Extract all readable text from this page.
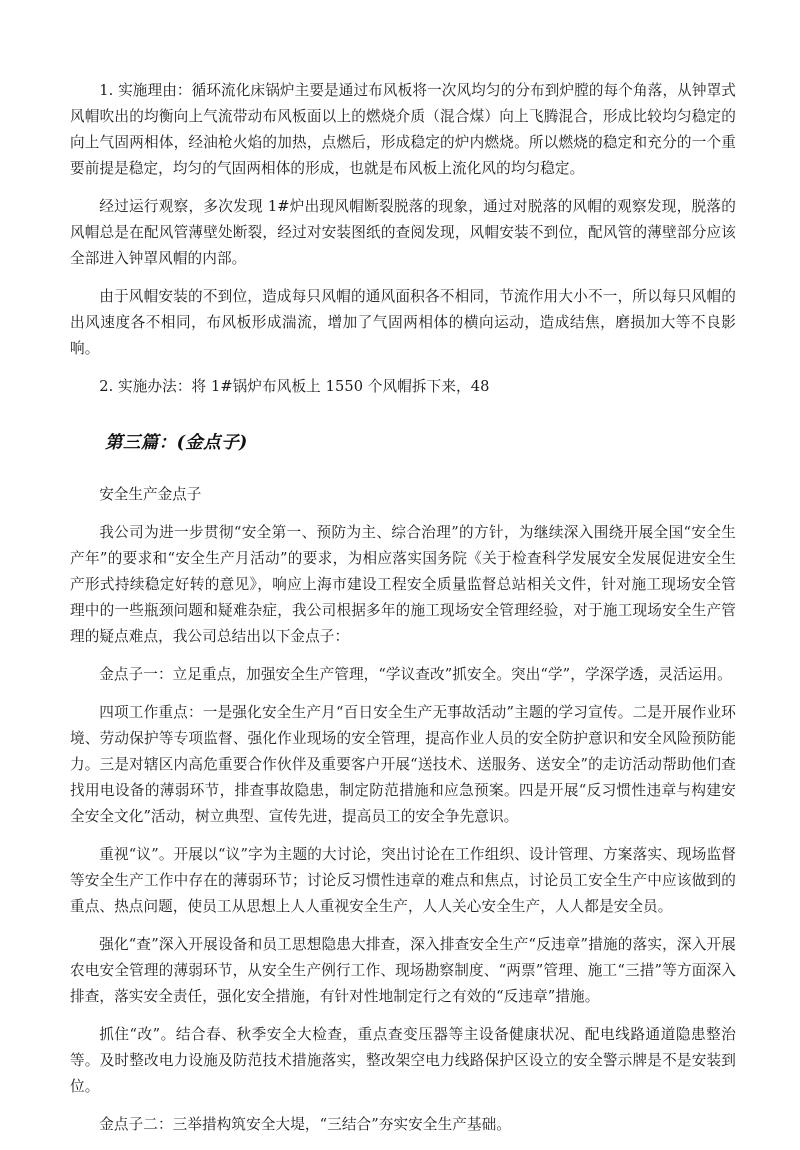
1. 实施理由：循环流化床锅炉主要是通过布风板将一次风均匀的分布到炉膛的每个角落，从钟罩式风帽吹出的均衡向上气流带动布风板面以上的燃烧介质（混合煤）向上飞腾混合，形成比较均匀稳定的向上气固两相体，经油枪火焰的加热，点燃后，形成稳定的炉内燃烧。所以燃烧的稳定和充分的一个重要前提是稳定，均匀的气固两相体的形成，也就是布风板上流化风的均匀稳定。

经过运行观察，多次发现 1#炉出现风帽断裂脱落的现象，通过对脱落的风帽的观察发现，脱落的风帽总是在配风管薄壁处断裂，经过对安装图纸的查阅发现，风帽安装不到位，配风管的薄壁部分应该全部进入钟罩风帽的内部。

由于风帽安装的不到位，造成每只风帽的通风面积各不相同，节流作用大小不一，所以每只风帽的出风速度各不相同，布风板形成湍流，增加了气固两相体的横向运动，造成结焦，磨损加大等不良影响。

2. 实施办法：将 1#锅炉布风板上 1550 个风帽拆下来，48

第三篇：(金点子)

安全生产金点子

我公司为进一步贯彻“安全第一、预防为主、综合治理”的方针，为继续深入围绕开展全国“安全生产年”的要求和“安全生产月活动”的要求，为相应落实国务院《关于检查科学发展安全发展促进安全生产形式持续稳定好转的意见》，响应上海市建设工程安全质量监督总站相关文件，针对施工现场安全管理中的一些瓶颈问题和疑难杂症，我公司根据多年的施工现场安全管理经验，对于施工现场安全生产管理的疑点难点，我公司总结出以下金点子：

金点子一：立足重点，加强安全生产管理，“学议查改”抓安全。突出“学”，学深学透，灵活运用。

四项工作重点：一是强化安全生产月“百日安全生产无事故活动”主题的学习宣传。二是开展作业环境、劳动保护等专项监督、强化作业现场的安全管理，提高作业人员的安全防护意识和安全风险预防能力。三是对辖区内高危重要合作伙伴及重要客户开展“送技术、送服务、送安全”的走访活动帮助他们查找用电设备的薄弱环节，排查事故隐患，制定防范措施和应急预案。四是开展“反习惯性违章与构建安全安全文化”活动，树立典型、宣传先进，提高员工的安全争先意识。

重视“议”。开展以“议”字为主题的大讨论，突出讨论在工作组织、设计管理、方案落实、现场监督等安全生产工作中存在的薄弱环节；讨论反习惯性违章的难点和焦点，讨论员工安全生产中应该做到的重点、热点问题，使员工从思想上人人重视安全生产，人人关心安全生产，人人都是安全员。

强化“查”深入开展设备和员工思想隐患大排查，深入排查安全生产“反违章”措施的落实，深入开展农电安全管理的薄弱环节，从安全生产例行工作、现场勘察制度、“两票”管理、施工“三措”等方面深入排查，落实安全责任，强化安全措施，有针对性地制定行之有效的“反违章”措施。

抓住“改”。结合春、秋季安全大检查，重点查变压器等主设备健康状况、配电线路通道隐患整治等。及时整改电力设施及防范技术措施落实，整改架空电力线路保护区设立的安全警示牌是不是安装到位。

金点子二：三举措构筑安全大堤，“三结合”夯实安全生产基础。
